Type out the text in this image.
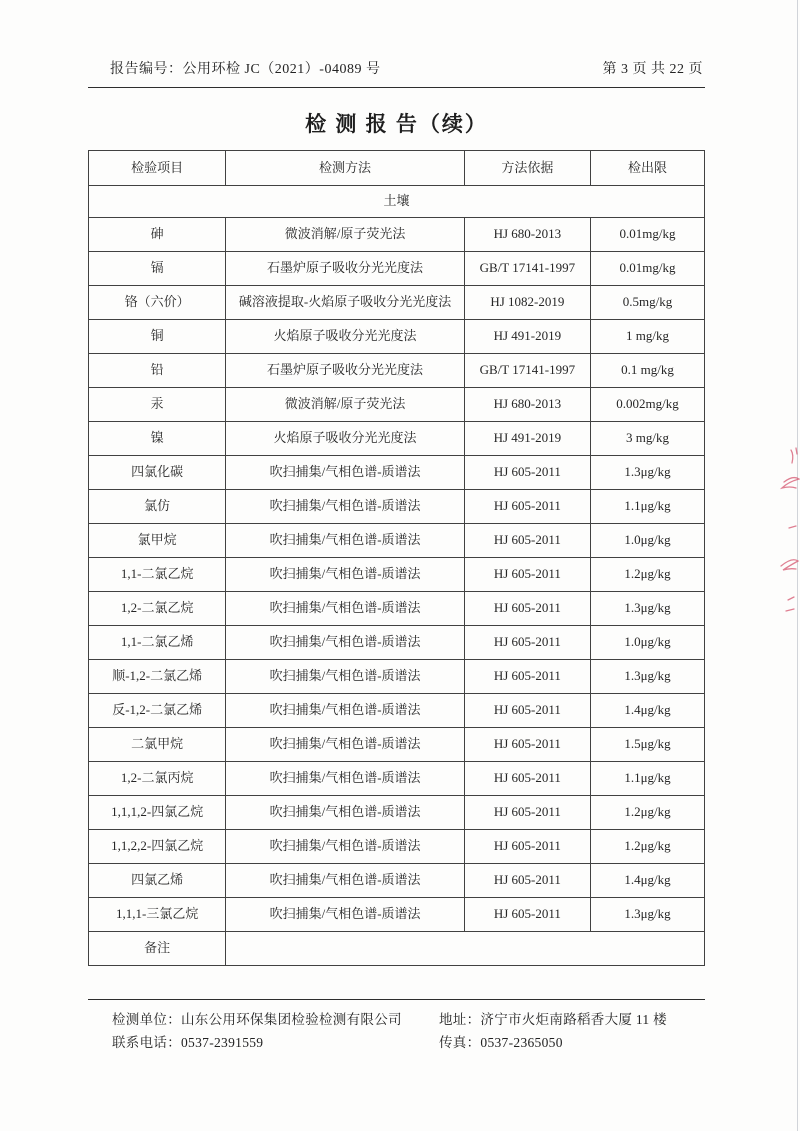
报告编号：公用环检 JC（2021）-04089 号	第 3 页 共 22 页
检 测 报 告（续）
检验项目	检测方法	方法依据	检出限
土壤			
砷	微波消解/原子荧光法	HJ 680-2013	0.01mg/kg
镉	石墨炉原子吸收分光光度法	GB/T 17141-1997	0.01mg/kg
铬（六价）	碱溶液提取-火焰原子吸收分光光度法	HJ 1082-2019	0.5mg/kg
铜	火焰原子吸收分光光度法	HJ 491-2019	1 mg/kg
铅	石墨炉原子吸收分光光度法	GB/T 17141-1997	0.1 mg/kg
汞	微波消解/原子荧光法	HJ 680-2013	0.002mg/kg
镍	火焰原子吸收分光光度法	HJ 491-2019	3 mg/kg
四氯化碳	吹扫捕集/气相色谱-质谱法	HJ 605-2011	1.3μg/kg
氯仿	吹扫捕集/气相色谱-质谱法	HJ 605-2011	1.1μg/kg
氯甲烷	吹扫捕集/气相色谱-质谱法	HJ 605-2011	1.0μg/kg
1,1-二氯乙烷	吹扫捕集/气相色谱-质谱法	HJ 605-2011	1.2μg/kg
1,2-二氯乙烷	吹扫捕集/气相色谱-质谱法	HJ 605-2011	1.3μg/kg
1,1-二氯乙烯	吹扫捕集/气相色谱-质谱法	HJ 605-2011	1.0μg/kg
顺-1,2-二氯乙烯	吹扫捕集/气相色谱-质谱法	HJ 605-2011	1.3μg/kg
反-1,2-二氯乙烯	吹扫捕集/气相色谱-质谱法	HJ 605-2011	1.4μg/kg
二氯甲烷	吹扫捕集/气相色谱-质谱法	HJ 605-2011	1.5μg/kg
1,2-二氯丙烷	吹扫捕集/气相色谱-质谱法	HJ 605-2011	1.1μg/kg
1,1,1,2-四氯乙烷	吹扫捕集/气相色谱-质谱法	HJ 605-2011	1.2μg/kg
1,1,2,2-四氯乙烷	吹扫捕集/气相色谱-质谱法	HJ 605-2011	1.2μg/kg
四氯乙烯	吹扫捕集/气相色谱-质谱法	HJ 605-2011	1.4μg/kg
1,1,1-三氯乙烷	吹扫捕集/气相色谱-质谱法	HJ 605-2011	1.3μg/kg
备注			
检测单位：山东公用环保集团检验检测有限公司	地址：济宁市火炬南路稻香大厦 11 楼
联系电话：0537-2391559	传真：0537-2365050
